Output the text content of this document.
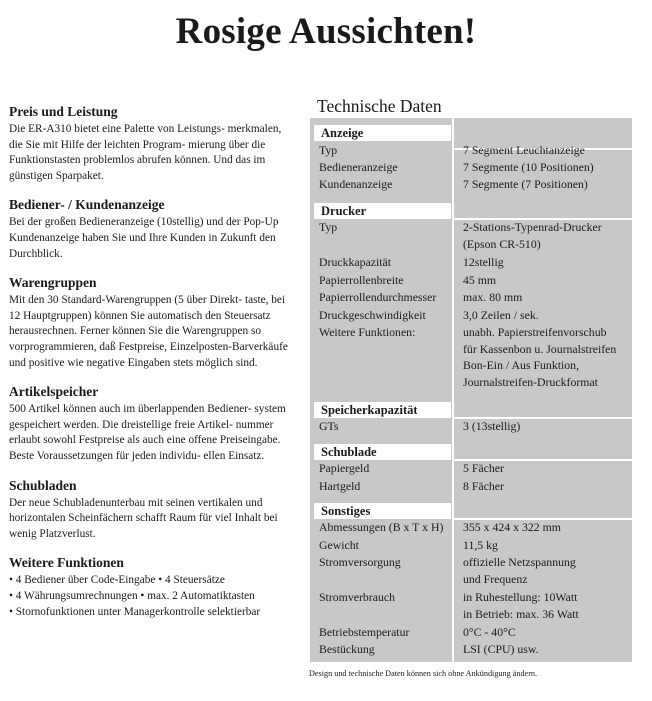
Rosige Aussichten!
Preis und Leistung

Die ER-A310 bietet eine Palette von Leistungs- merkmalen, die Sie mit Hilfe der leichten Program- mierung über die Funktionstasten problemlos abrufen können. Und das im günstigen Sparpaket.

Bediener- / Kundenanzeige

Bei der großen Bedieneranzeige (10stellig) und der Pop-Up Kundenanzeige haben Sie und Ihre Kunden in Zukunft den Durchblick.

Warengruppen

Mit den 30 Standard-Warengruppen (5 über Direkt- taste, bei 12 Hauptgruppen) können Sie automatisch den Steuersatz herausrechnen. Ferner können Sie die Warengruppen so vorprogrammieren, daß Festpreise, Einzelposten-Barverkäufe und positive wie negative Eingaben stets möglich sind.

Artikelspeicher

500 Artikel können auch im überlappenden Bediener- system gespeichert werden. Die dreistellige freie Artikel- nummer erlaubt sowohl Festpreise als auch eine offene Preiseingabe. Beste Voraussetzungen für jeden individu- ellen Einsatz.

Schubladen

Der neue Schubladenunterbau mit seinen vertikalen und horizontalen Scheinfächern schafft Raum für viel Inhalt bei wenig Platzverlust.

Weitere Funktionen
• 4 Bediener über Code-Eingabe • 4 Steuersätze
• 4 Währungsumrechnungen • max. 2 Automatiktasten
• Stornofunktionen unter Managerkontrolle selektierbar
Technische Daten
Anzeige
Drucker
Speicherkapazität
Schublade
Sonstiges
Typ	7 Segment Leuchtanzeige
Bedieneranzeige	7 Segmente (10 Positionen)
Kundenanzeige	7 Segmente (7 Positionen)
Typ	2-Stations-Typenrad-Drucker
(Epson CR-510)
Druckkapazität	12stellig
Papierrollenbreite	45 mm
Papierrollendurchmesser	max. 80 mm
Druckgeschwindigkeit	3,0 Zeilen / sek.
Weitere Funktionen:	unabh. Papierstreifenvorschub
für Kassenbon u. Journalstreifen
Bon-Ein / Aus Funktion,
Journalstreifen-Druckformat
GTs	3 (13stellig)
Papiergeld	5 Fächer
Hartgeld	8 Fächer
Abmessungen (B x T x H)	355 x 424 x 322 mm
Gewicht	11,5 kg
Stromversorgung	offizielle Netzspannung
und Frequenz
Stromverbrauch	in Ruhestellung: 10Watt
in Betrieb: max. 36 Watt
Betriebstemperatur	0°C - 40°C
Bestückung	LSI (CPU) usw.
Design und technische Daten können sich ohne Ankündigung ändern.
